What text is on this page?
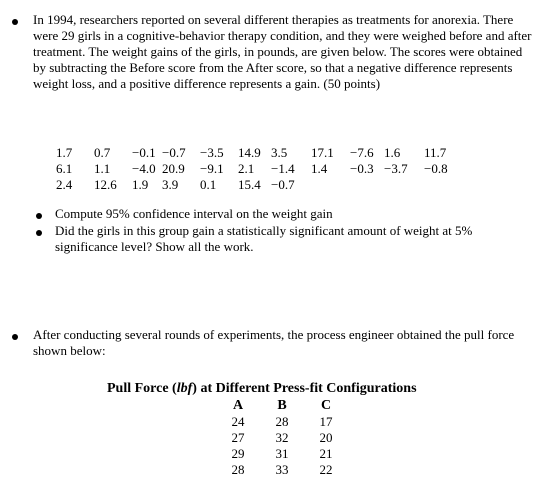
In 1994, researchers reported on several different therapies as treatments for anorexia. There were 29 girls in a cognitive-behavior therapy condition, and they were weighed before and after treatment. The weight gains of the girls, in pounds, are given below. The scores were obtained by subtracting the Before score from the After score, so that a negative difference represents weight loss, and a positive difference represents a gain. (50 points)
1.7	0.7	−0.1	−0.7	−3.5	14.9	3.5	17.1	−7.6	1.6	11.7
6.1	1.1	−4.0	20.9	−9.1	2.1	−1.4	1.4	−0.3	−3.7	−0.8
2.4	12.6	1.9	3.9	0.1	15.4	−0.7				
Compute 95% confidence interval on the weight gain
Did the girls in this group gain a statistically significant amount of weight at 5% significance level? Show all the work.
After conducting several rounds of experiments, the process engineer obtained the pull force shown below:
Pull Force (lbf) at Different Press-fit Configurations
A	B	C
24	28	17
27	32	20
29	31	21
28	33	22
